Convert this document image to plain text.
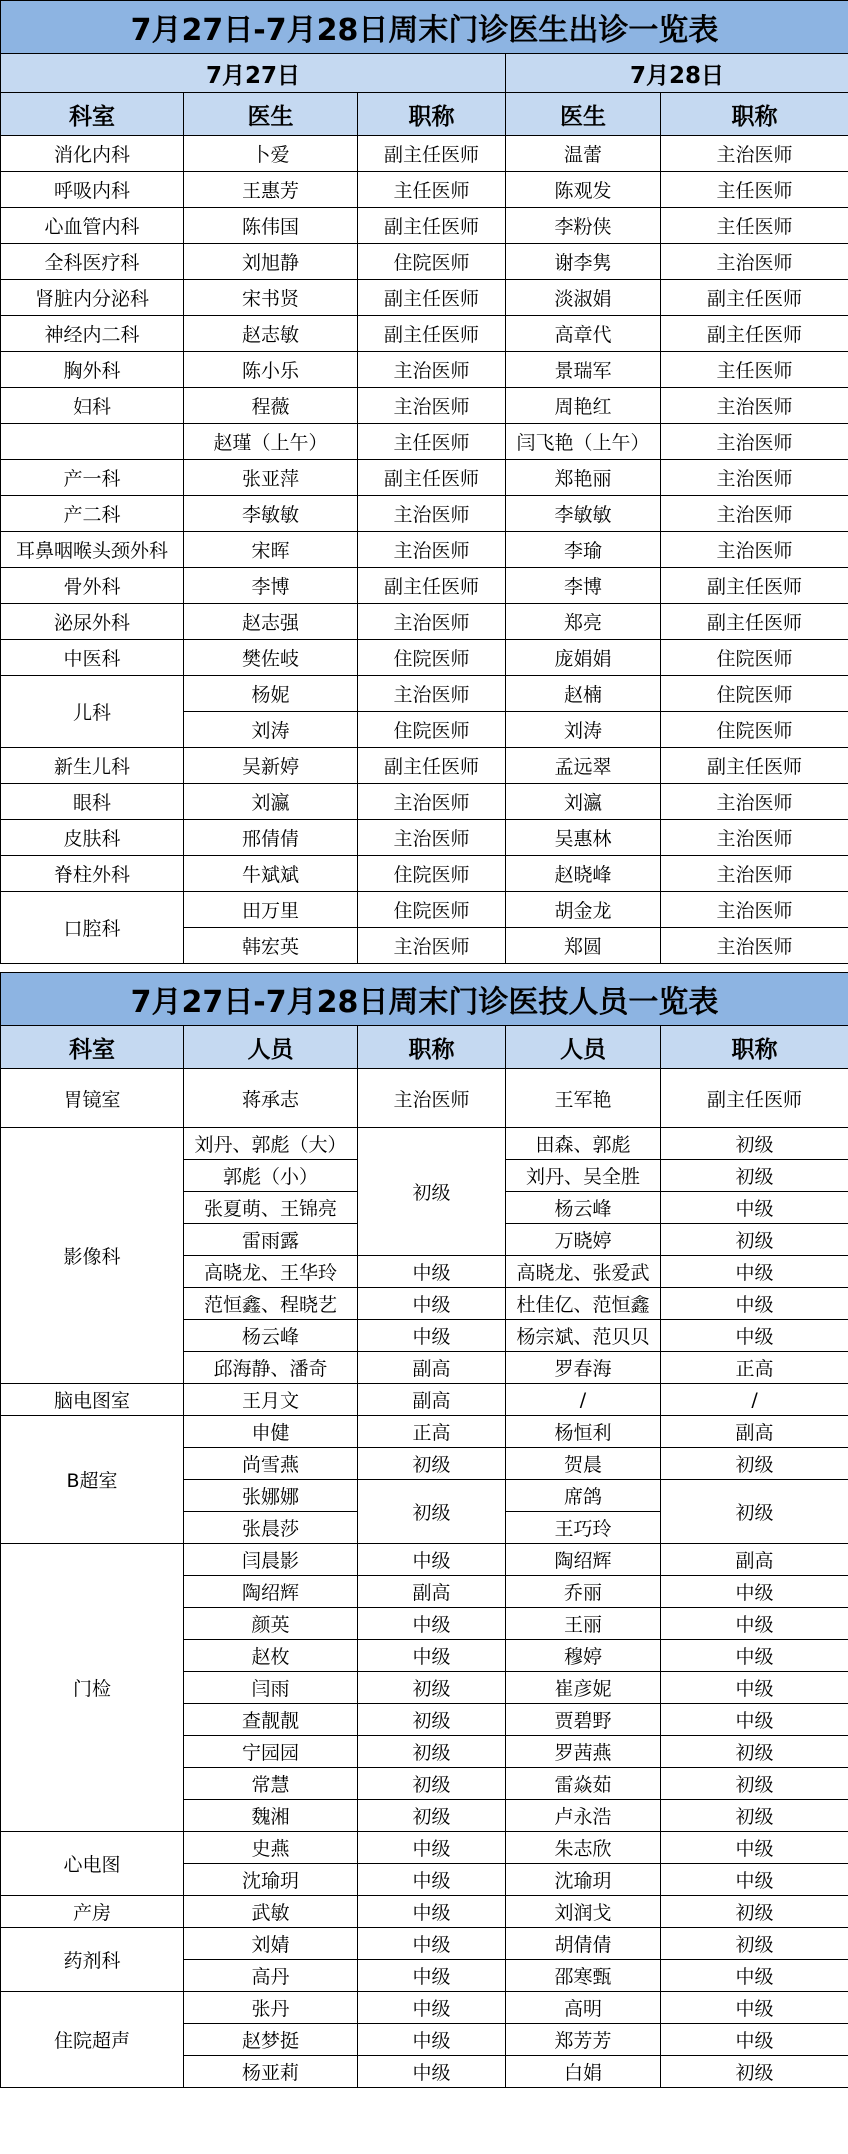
7月27日-7月28日周末门诊医生出诊一览表				
7月27日			7月28日	
科室	医生	职称	医生	职称
消化内科	卜爱	副主任医师	温蕾	主治医师
呼吸内科	王惠芳	主任医师	陈观发	主任医师
心血管内科	陈伟国	副主任医师	李粉侠	主任医师
全科医疗科	刘旭静	住院医师	谢李隽	主治医师
肾脏内分泌科	宋书贤	副主任医师	淡淑娟	副主任医师
神经内二科	赵志敏	副主任医师	高章代	副主任医师
胸外科	陈小乐	主治医师	景瑞军	主任医师
妇科	程薇	主治医师	周艳红	主治医师
	赵瑾（上午）	主任医师	闫飞艳（上午）	主治医师
产一科	张亚萍	副主任医师	郑艳丽	主治医师
产二科	李敏敏	主治医师	李敏敏	主治医师
耳鼻咽喉头颈外科	宋晖	主治医师	李瑜	主治医师
骨外科	李博	副主任医师	李博	副主任医师
泌尿外科	赵志强	主治医师	郑亮	副主任医师
中医科	樊佐岐	住院医师	庞娟娟	住院医师
儿科	杨妮	主治医师	赵楠	住院医师
	刘涛	住院医师	刘涛	住院医师
新生儿科	吴新婷	副主任医师	孟远翠	副主任医师
眼科	刘瀛	主治医师	刘瀛	主治医师
皮肤科	邢倩倩	主治医师	吴惠林	主治医师
脊柱外科	牛斌斌	住院医师	赵晓峰	主治医师
口腔科	田万里	住院医师	胡金龙	主治医师
	韩宏英	主治医师	郑圆	主治医师
7月27日-7月28日周末门诊医技人员一览表				
科室	人员	职称	人员	职称
胃镜室	蒋承志	主治医师	王军艳	副主任医师
影像科	刘丹、郭彪（大）	初级	田森、郭彪	初级
	郭彪（小）		刘丹、吴全胜	初级
	张夏萌、王锦亮		杨云峰	中级
	雷雨露		万晓婷	初级
	高晓龙、王华玲	中级	高晓龙、张爱武	中级
	范恒鑫、程晓艺	中级	杜佳亿、范恒鑫	中级
	杨云峰	中级	杨宗斌、范贝贝	中级
	邱海静、潘奇	副高	罗春海	正高
脑电图室	王月文	副高	/	/
B超室	申健	正高	杨恒利	副高
	尚雪燕	初级	贺晨	初级
	张娜娜	初级	席鸽	初级
	张晨莎		王巧玲	
门检	闫晨影	中级	陶绍辉	副高
	陶绍辉	副高	乔丽	中级
	颜英	中级	王丽	中级
	赵枚	中级	穆婷	中级
	闫雨	初级	崔彦妮	中级
	查靓靓	初级	贾碧野	中级
	宁园园	初级	罗茜燕	初级
	常慧	初级	雷焱茹	初级
	魏湘	初级	卢永浩	初级
心电图	史燕	中级	朱志欣	中级
	沈瑜玥	中级	沈瑜玥	中级
产房	武敏	中级	刘润戈	初级
药剂科	刘婧	中级	胡倩倩	初级
	高丹	中级	邵寒甄	中级
住院超声	张丹	中级	高明	中级
	赵梦挺	中级	郑芳芳	中级
	杨亚莉	中级	白娟	初级
